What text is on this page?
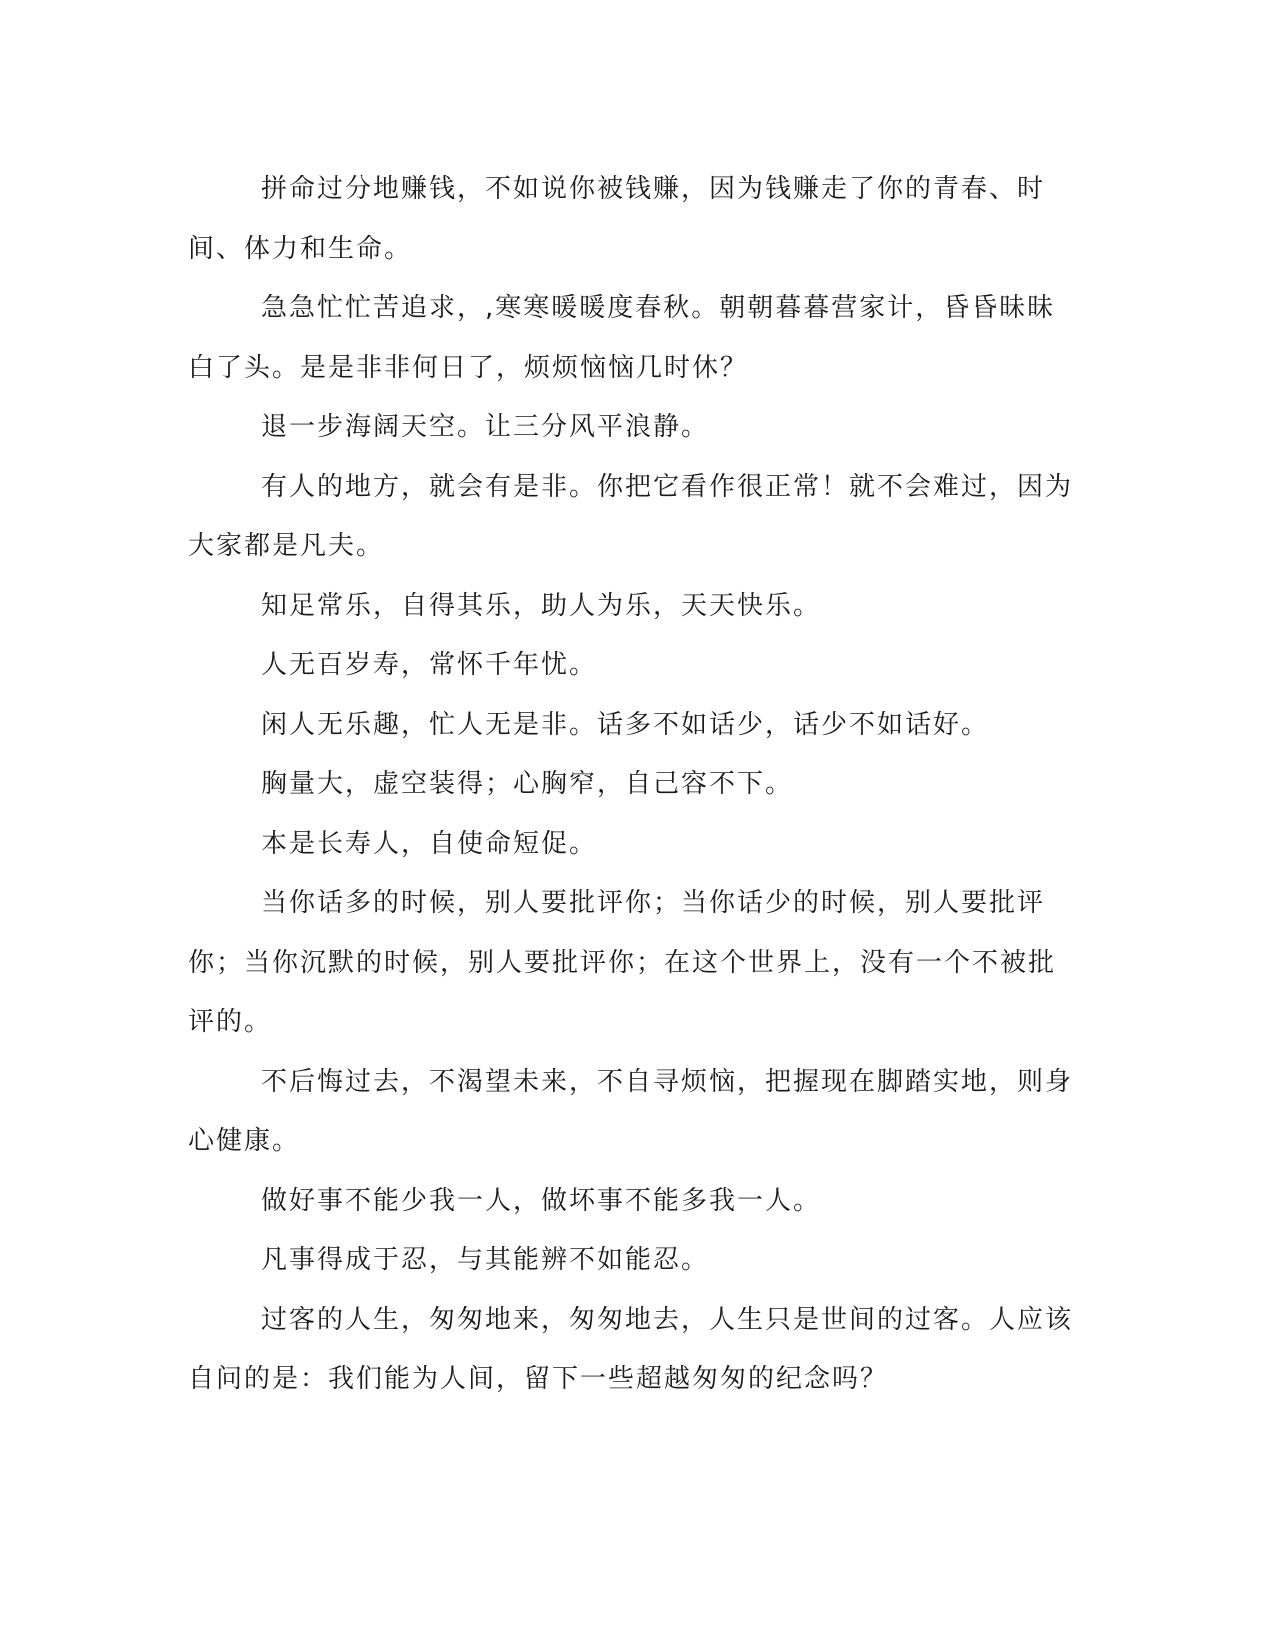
拼命过分地赚钱，不如说你被钱赚，因为钱赚走了你的青春、时间、体力和生命。

急急忙忙苦追求，,寒寒暖暖度春秋。朝朝暮暮营家计，昏昏昧昧白了头。是是非非何日了，烦烦恼恼几时休？

退一步海阔天空。让三分风平浪静。

有人的地方，就会有是非。你把它看作很正常！就不会难过，因为大家都是凡夫。

知足常乐，自得其乐，助人为乐，天天快乐。

人无百岁寿，常怀千年忧。

闲人无乐趣，忙人无是非。话多不如话少，话少不如话好。

胸量大，虚空装得；心胸窄，自己容不下。

本是长寿人，自使命短促。

当你话多的时候，别人要批评你；当你话少的时候，别人要批评你；当你沉默的时候，别人要批评你；在这个世界上，没有一个不被批评的。

不后悔过去，不渴望未来，不自寻烦恼，把握现在脚踏实地，则身心健康。

做好事不能少我一人，做坏事不能多我一人。

凡事得成于忍，与其能辨不如能忍。

过客的人生，匆匆地来，匆匆地去，人生只是世间的过客。人应该自问的是：我们能为人间，留下一些超越匆匆的纪念吗？
